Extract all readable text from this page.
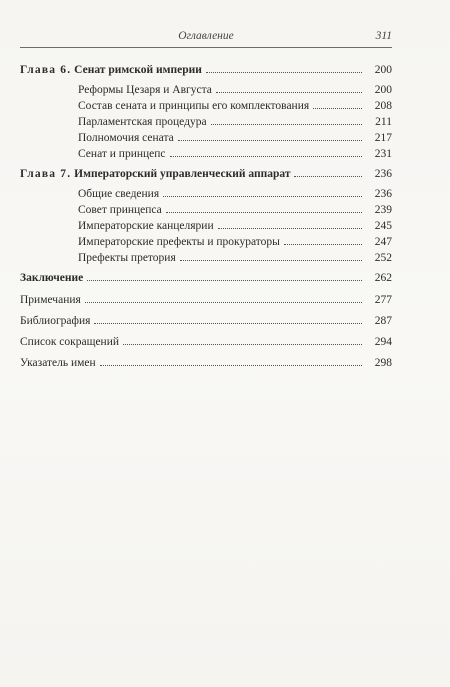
Оглавление	311
Глава 6. Сенат римской империи	200
Реформы Цезаря и Августа	200
Состав сената и принципы его комплектования	208
Парламентская процедура	211
Полномочия сената	217
Сенат и принцепс	231
Глава 7. Императорский управленческий аппарат	236
Общие сведения	236
Совет принцепса	239
Императорские канцелярии	245
Императорские префекты и прокураторы	247
Префекты претория	252
Заключение	262
Примечания	277
Библиография	287
Список сокращений	294
Указатель имен	298
